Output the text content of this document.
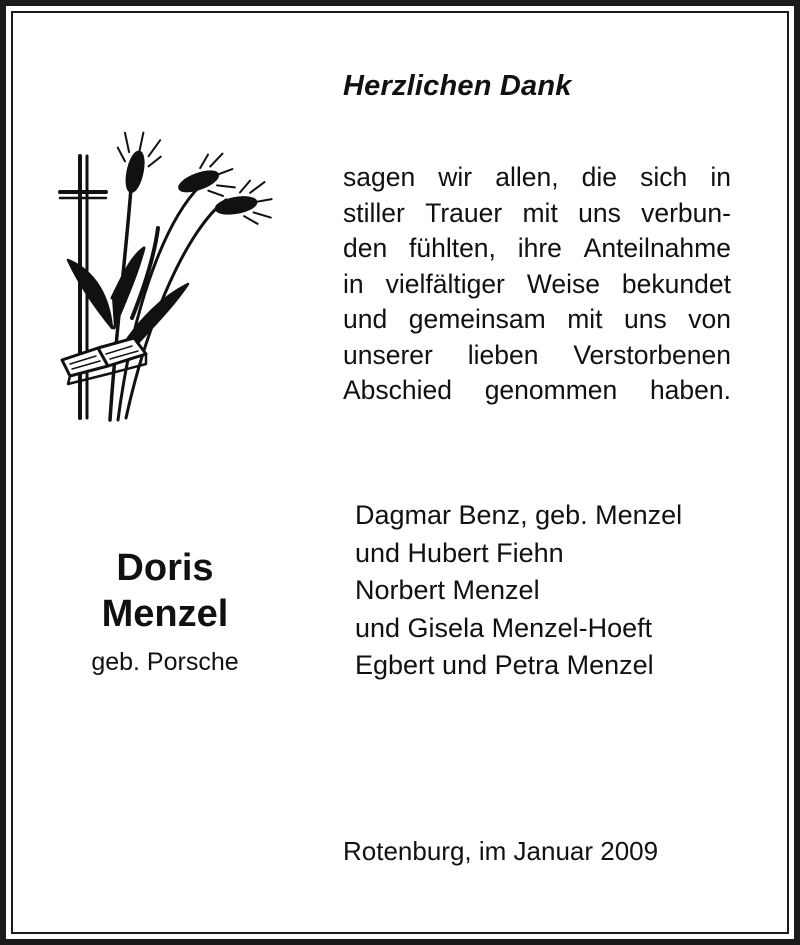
Herzlichen Dank
sagen wir allen, die sich in
stiller Trauer mit uns verbun-
den fühlten, ihre Anteilnahme
in vielfältiger Weise bekundet
und gemeinsam mit uns von
unserer lieben Verstorbenen
Abschied genommen haben.
Doris
Menzel
geb. Porsche
Dagmar Benz, geb. Menzel
und Hubert Fiehn
Norbert Menzel
und Gisela Menzel-Hoeft
Egbert und Petra Menzel
Rotenburg, im Januar 2009
